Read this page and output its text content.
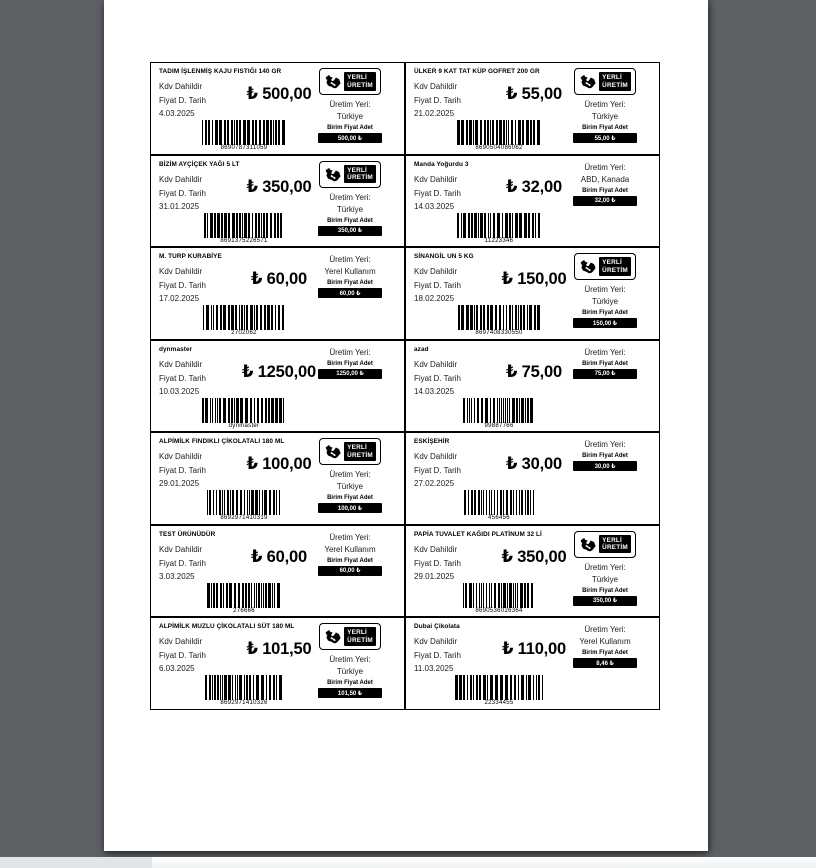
TADIM İŞLENMİŞ KAJU FISTIĞI 140 GR
Kdv Dahildir
Fiyat D. Tarih
4.03.2025
₺ 500,00
8690787311059
YERLİ
ÜRETİM
Üretim Yeri:
Türkiye
Birim Fiyat Adet
500,00 ₺
ÜLKER 9 KAT TAT KÜP GOFRET 200 GR
Kdv Dahildir
Fiyat D. Tarih
21.02.2025
₺ 55,00
8690504086062
YERLİ
ÜRETİM
Üretim Yeri:
Türkiye
Birim Fiyat Adet
55,00 ₺
BİZİM AYÇİÇEK YAĞI 5 LT
Kdv Dahildir
Fiyat D. Tarih
31.01.2025
₺ 350,00
8691375226571
YERLİ
ÜRETİM
Üretim Yeri:
Türkiye
Birim Fiyat Adet
350,00 ₺
Manda Yoğurdu 3
Kdv Dahildir
Fiyat D. Tarih
14.03.2025
₺ 32,00
11223346
Üretim Yeri:
ABD, Kanada
Birim Fiyat Adet
32,00 ₺
M. TURP KURABİYE
Kdv Dahildir
Fiyat D. Tarih
17.02.2025
₺ 60,00
2702062
Üretim Yeri:
Yerel Kullanım
Birim Fiyat Adet
60,00 ₺
SİNANGİL UN 5 KG
Kdv Dahildir
Fiyat D. Tarih
18.02.2025
₺ 150,00
8697408330550
YERLİ
ÜRETİM
Üretim Yeri:
Türkiye
Birim Fiyat Adet
150,00 ₺
dynmaster
Kdv Dahildir
Fiyat D. Tarih
10.03.2025
₺ 1250,00
dynmaster
Üretim Yeri:
Birim Fiyat Adet
1250,00 ₺
azad
Kdv Dahildir
Fiyat D. Tarih
14.03.2025
₺ 75,00
99887766
Üretim Yeri:
Birim Fiyat Adet
75,00 ₺
ALPİMİLK FINDIKLI ÇİKOLATALI 180 ML
Kdv Dahildir
Fiyat D. Tarih
29.01.2025
₺ 100,00
8692971410319
YERLİ
ÜRETİM
Üretim Yeri:
Türkiye
Birim Fiyat Adet
100,00 ₺
ESKİŞEHİR
Kdv Dahildir
Fiyat D. Tarih
27.02.2025
₺ 30,00
456456
Üretim Yeri:
Birim Fiyat Adet
30,00 ₺
TEST ÜRÜNÜDÜR
Kdv Dahildir
Fiyat D. Tarih
3.03.2025
₺ 60,00
276666
Üretim Yeri:
Yerel Kullanım
Birim Fiyat Adet
60,00 ₺
PAPİA TUVALET KAĞIDI PLATİNUM 32 Lİ
Kdv Dahildir
Fiyat D. Tarih
29.01.2025
₺ 350,00
8690536026364
YERLİ
ÜRETİM
Üretim Yeri:
Türkiye
Birim Fiyat Adet
350,00 ₺
ALPİMİLK MUZLU ÇİKOLATALI SÜT 180 ML
Kdv Dahildir
Fiyat D. Tarih
6.03.2025
₺ 101,50
8692971410326
YERLİ
ÜRETİM
Üretim Yeri:
Türkiye
Birim Fiyat Adet
101,50 ₺
Dubai Çikolata
Kdv Dahildir
Fiyat D. Tarih
11.03.2025
₺ 110,00
22334455
Üretim Yeri:
Yerel Kullanım
Birim Fiyat Adet
8,46 ₺
